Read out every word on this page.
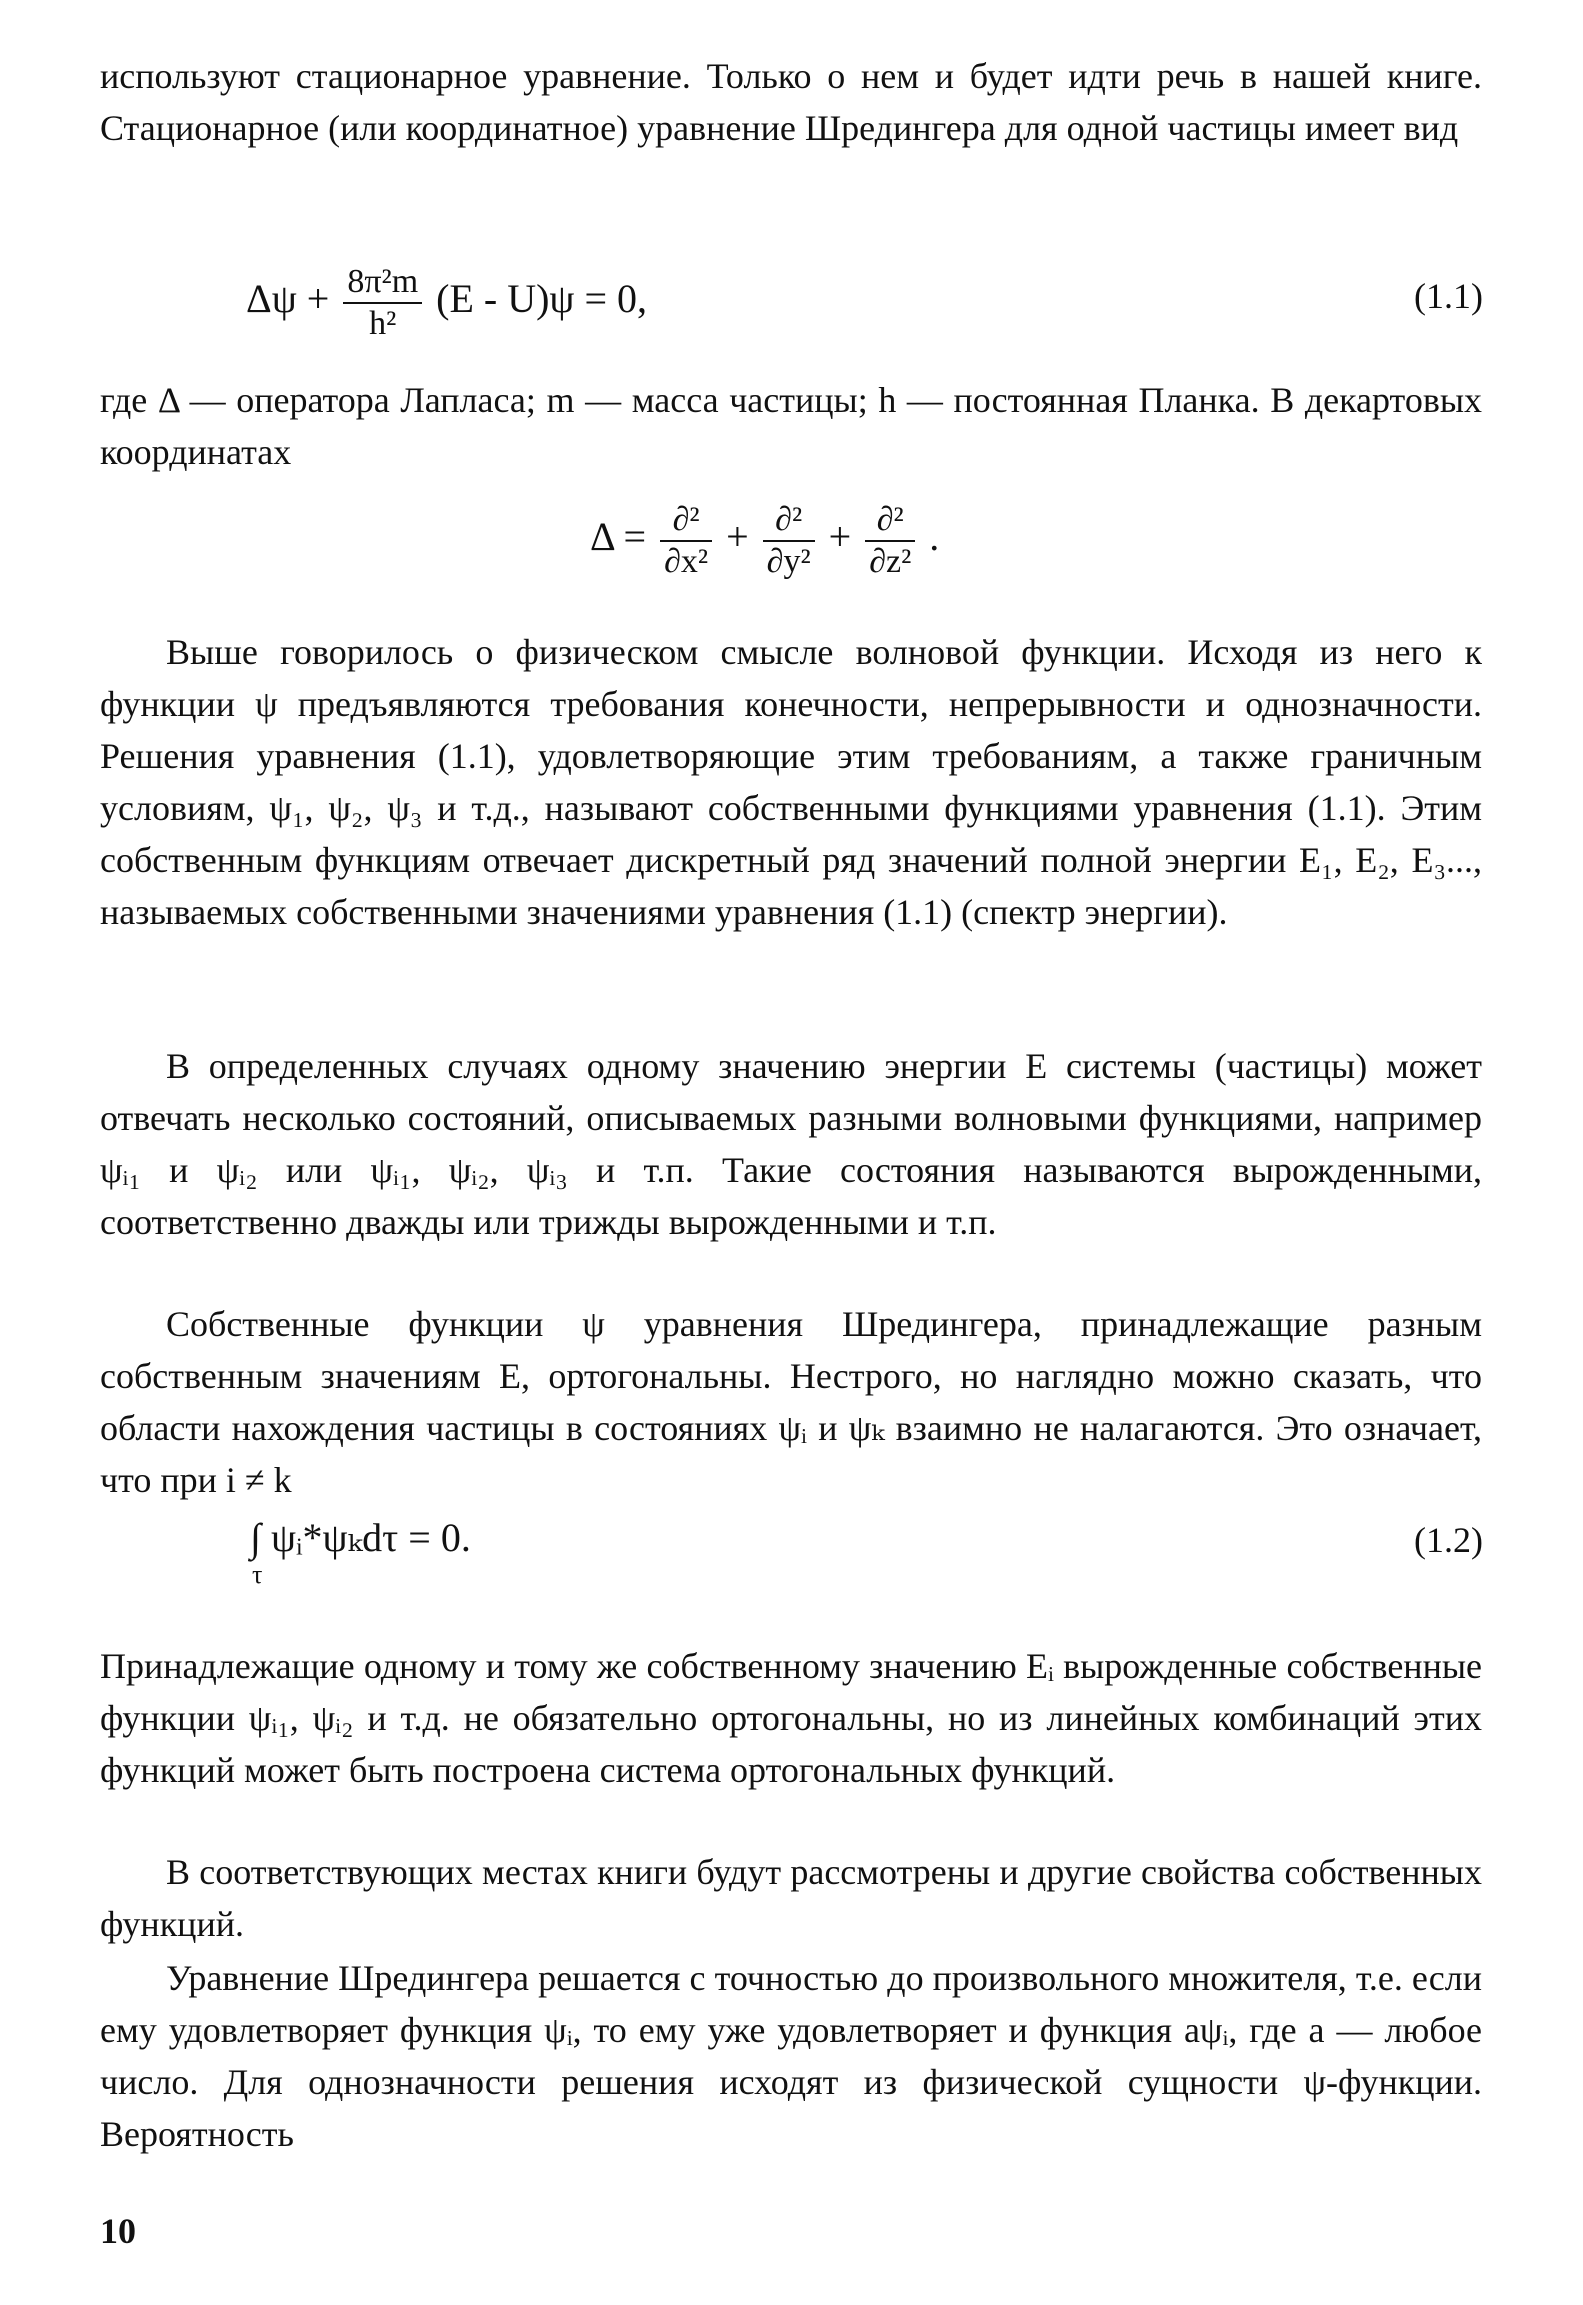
используют стационарное уравнение. Только о нем и будет идти речь в нашей книге. Стационарное (или координатное) уравнение Шредингера для одной частицы имеет вид
$\Delta\psi + \frac{\text{8π²m}}{\text{h²}} (E - U)\psi = 0$,	(1.1)
где Δ — оператора Лапласа; m — масса частицы; h — постоянная Планка. В декартовых координатах
$\Delta = \frac{\text{∂²}}{\text{∂x²}} + \frac{\text{∂²}}{\text{∂y²}} + \frac{\text{∂²}}{\text{∂z²}}$ .
Выше говорилось о физическом смысле волновой функции. Исходя из него к функции ψ предъявляются требования конечности, непрерывности и однозначности. Решения уравнения (1.1), удовлетворяющие этим требованиям, а также граничным условиям, ψ₁, ψ₂, ψ₃ и т.д., называют собственными функциями уравнения (1.1). Этим собственным функциям отвечает дискретный ряд значений полной энергии E₁, E₂, E₃..., называемых собственными значениями уравнения (1.1) (спектр энергии).
В определенных случаях одному значению энергии E системы (частицы) может отвечать несколько состояний, описываемых разными волновыми функциями, например ψᵢ₁ и ψᵢ₂ или ψᵢ₁, ψᵢ₂, ψᵢ₃ и т.п. Такие состояния называются вырожденными, соответственно дважды или трижды вырожденными и т.п.
Собственные функции ψ уравнения Шредингера, принадлежащие разным собственным значениям E, ортогональны. Нестрого, но наглядно можно сказать, что области нахождения частицы в состояниях ψᵢ и ψₖ взаимно не налагаются. Это означает, что при i ≠ k
∫ ψᵢ*ψₖdτ = 0.
τ
(1.2)
Принадлежащие одному и тому же собственному значению Eᵢ вырожденные собственные функции ψᵢ₁, ψᵢ₂ и т.д. не обязательно ортогональны, но из линейных комбинаций этих функций может быть построена система ортогональных функций.
В соответствующих местах книги будут рассмотрены и другие свойства собственных функций.
Уравнение Шредингера решается с точностью до произвольного множителя, т.е. если ему удовлетворяет функция ψᵢ, то ему уже удовлетворяет и функция aψᵢ, где a — любое число. Для однозначности решения исходят из физической сущности ψ-функции. Вероятность
10
